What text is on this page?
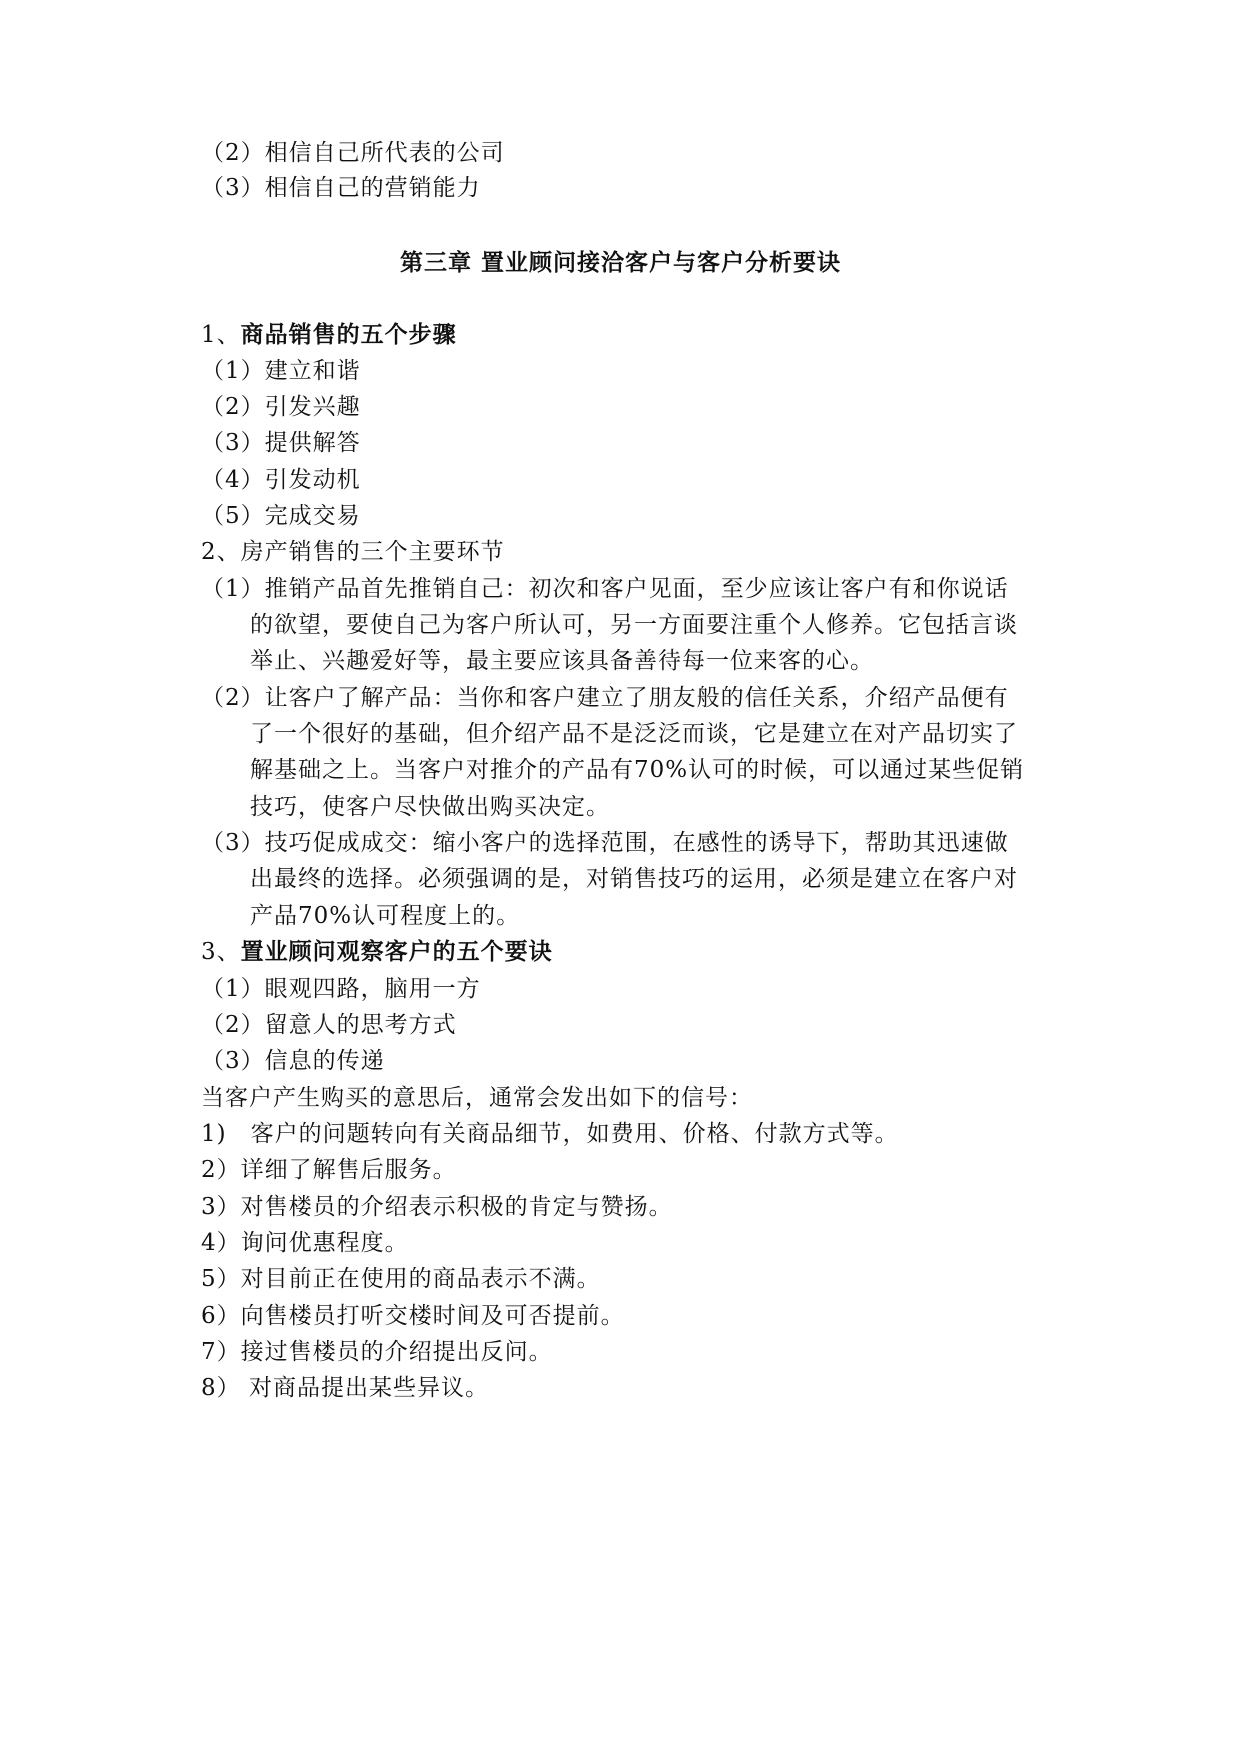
（2）相信自己所代表的公司
（3）相信自己的营销能力
第三章 置业顾问接洽客户与客户分析要诀
1、商品销售的五个步骤
（1）建立和谐
（2）引发兴趣
（3）提供解答
（4）引发动机
（5）完成交易
2、房产销售的三个主要环节
（1）推销产品首先推销自己：初次和客户见面，至少应该让客户有和你说话
的欲望，要使自己为客户所认可，另一方面要注重个人修养。它包括言谈
举止、兴趣爱好等，最主要应该具备善待每一位来客的心。
（2）让客户了解产品：当你和客户建立了朋友般的信任关系，介绍产品便有
了一个很好的基础，但介绍产品不是泛泛而谈，它是建立在对产品切实了
解基础之上。当客户对推介的产品有70%认可的时候，可以通过某些促销
技巧，使客户尽快做出购买决定。
（3）技巧促成成交：缩小客户的选择范围，在感性的诱导下，帮助其迅速做
出最终的选择。必须强调的是，对销售技巧的运用，必须是建立在客户对
产品70%认可程度上的。
3、置业顾问观察客户的五个要诀
（1）眼观四路，脑用一方
（2）留意人的思考方式
（3）信息的传递
当客户产生购买的意思后，通常会发出如下的信号：
1)　客户的问题转向有关商品细节，如费用、价格、付款方式等。
2）详细了解售后服务。
3）对售楼员的介绍表示积极的肯定与赞扬。
4）询问优惠程度。
5）对目前正在使用的商品表示不满。
6）向售楼员打听交楼时间及可否提前。
7）接过售楼员的介绍提出反问。
8） 对商品提出某些异议。
